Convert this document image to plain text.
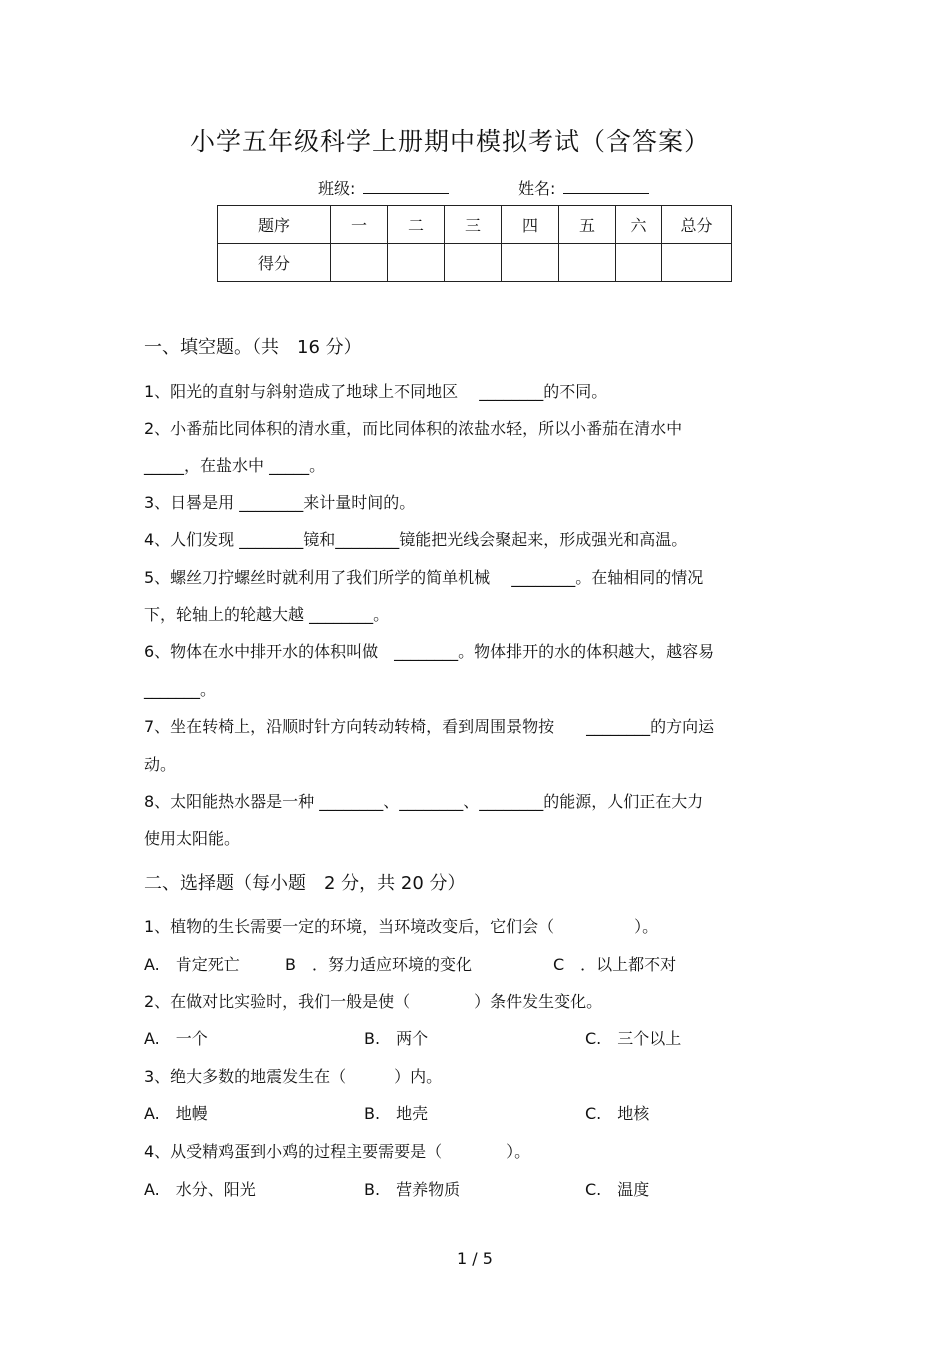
小学五年级科学上册期中模拟考试（含答案）
班级:	姓名:
题序	一	二	三	四	五	六	总分
得分							
一、填空题。（共　16 分）
1、阳光的直射与斜射造成了地球上不同地区　 ________的不同。
2、小番茄比同体积的清水重，而比同体积的浓盐水轻，所以小番茄在清水中
_____，在盐水中 _____。
3、日晷是用 ________来计量时间的。
4、人们发现 ________镜和________镜能把光线会聚起来，形成强光和高温。
5、螺丝刀拧螺丝时就利用了我们所学的简单机械　 ________。在轴相同的情况
下，轮轴上的轮越大越 ________。
6、物体在水中排开水的体积叫做　________。物体排开的水的体积越大，越容易
_______。
7、坐在转椅上，沿顺时针方向转动转椅，看到周围景物按　　________的方向运
动。
8、太阳能热水器是一种 ________、________、________的能源，人们正在大力
使用太阳能。
二、选择题（每小题　2 分，共 20 分）
1、植物的生长需要一定的环境，当环境改变后，它们会（　　　　　）。
A.　肯定死亡	B　．努力适应环境的变化	C　．以上都不对
2、在做对比实验时，我们一般是使（　　　　）条件发生变化。
A.　一个	B.　两个	C.　三个以上
3、绝大多数的地震发生在（　　　）内。
A.　地幔	B.　地壳	C.　地核
4、从受精鸡蛋到小鸡的过程主要需要是（　　　　）。
A.　水分、阳光	B.　营养物质	C.　温度
1 / 5
